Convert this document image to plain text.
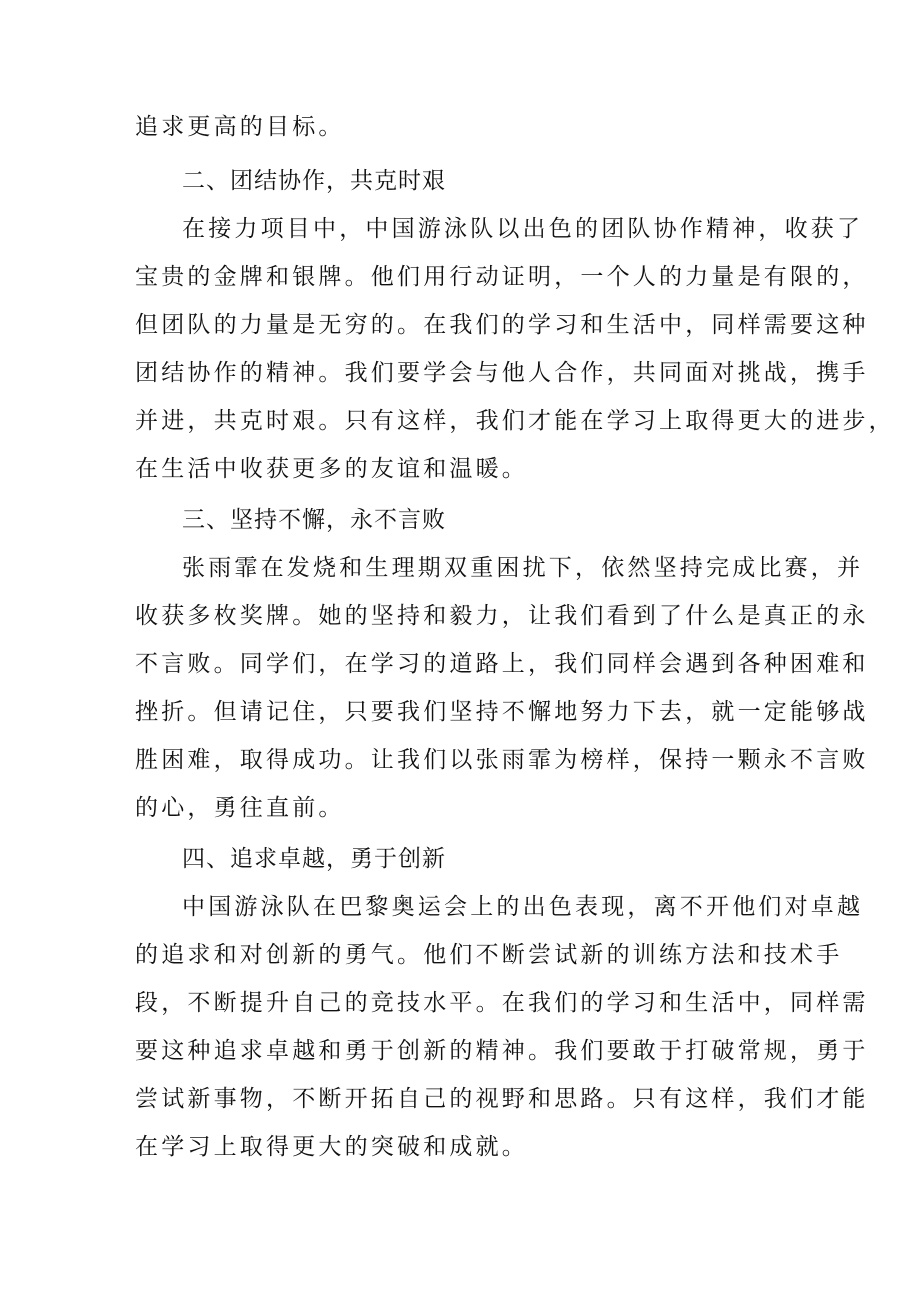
追求更高的目标。
二、团结协作，共克时艰
在接力项目中，中国游泳队以出色的团队协作精神，收获了
宝贵的金牌和银牌。他们用行动证明，一个人的力量是有限的，
但团队的力量是无穷的。在我们的学习和生活中，同样需要这种
团结协作的精神。我们要学会与他人合作，共同面对挑战，携手
并进，共克时艰。只有这样，我们才能在学习上取得更大的进步，
在生活中收获更多的友谊和温暖。
三、坚持不懈，永不言败
张雨霏在发烧和生理期双重困扰下，依然坚持完成比赛，并
收获多枚奖牌。她的坚持和毅力，让我们看到了什么是真正的永
不言败。同学们，在学习的道路上，我们同样会遇到各种困难和
挫折。但请记住，只要我们坚持不懈地努力下去，就一定能够战
胜困难，取得成功。让我们以张雨霏为榜样，保持一颗永不言败
的心，勇往直前。
四、追求卓越，勇于创新
中国游泳队在巴黎奥运会上的出色表现，离不开他们对卓越
的追求和对创新的勇气。他们不断尝试新的训练方法和技术手
段，不断提升自己的竞技水平。在我们的学习和生活中，同样需
要这种追求卓越和勇于创新的精神。我们要敢于打破常规，勇于
尝试新事物，不断开拓自己的视野和思路。只有这样，我们才能
在学习上取得更大的突破和成就。
